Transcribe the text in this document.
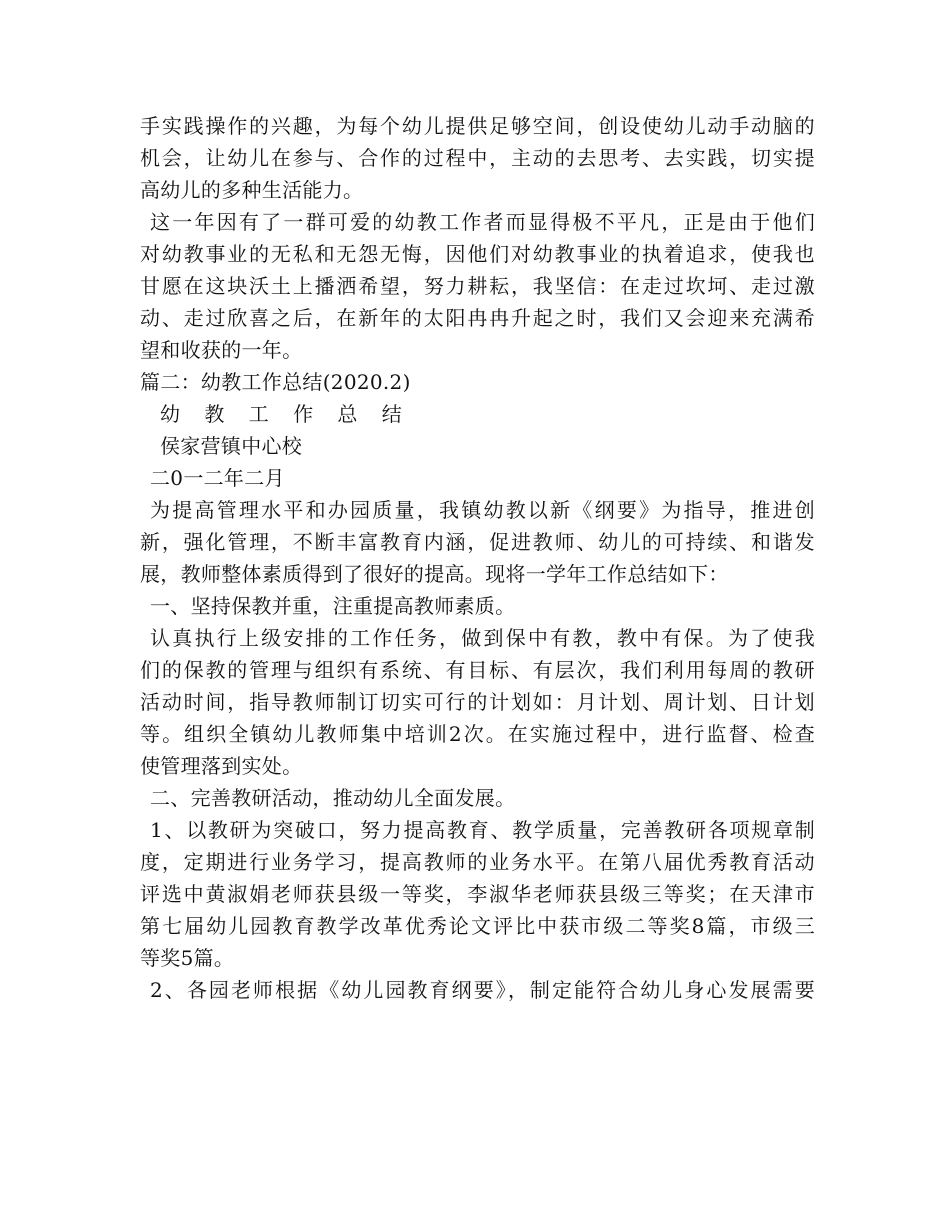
手实践操作的兴趣，为每个幼儿提供足够空间，创设使幼儿动手动脑的
机会，让幼儿在参与、合作的过程中，主动的去思考、去实践，切实提
高幼儿的多种生活能力。
这一年因有了一群可爱的幼教工作者而显得极不平凡，正是由于他们
对幼教事业的无私和无怨无悔，因他们对幼教事业的执着追求，使我也
甘愿在这块沃土上播洒希望，努力耕耘，我坚信：在走过坎坷、走过激
动、走过欣喜之后，在新年的太阳冉冉升起之时，我们又会迎来充满希
望和收获的一年。
篇二：幼教工作总结(2020.2)
幼 教 工 作 总 结
侯家营镇中心校
二0一二年二月
为提高管理水平和办园质量，我镇幼教以新《纲要》为指导，推进创
新，强化管理，不断丰富教育内涵，促进教师、幼儿的可持续、和谐发
展，教师整体素质得到了很好的提高。现将一学年工作总结如下：
一、坚持保教并重，注重提高教师素质。
认真执行上级安排的工作任务，做到保中有教，教中有保。为了使我
们的保教的管理与组织有系统、有目标、有层次，我们利用每周的教研
活动时间，指导教师制订切实可行的计划如：月计划、周计划、日计划
等。组织全镇幼儿教师集中培训2次。在实施过程中，进行监督、检查
使管理落到实处。
二、完善教研活动，推动幼儿全面发展。
1、以教研为突破口，努力提高教育、教学质量，完善教研各项规章制
度，定期进行业务学习，提高教师的业务水平。在第八届优秀教育活动
评选中黄淑娟老师获县级一等奖，李淑华老师获县级三等奖；在天津市
第七届幼儿园教育教学改革优秀论文评比中获市级二等奖8篇，市级三
等奖5篇。
2、各园老师根据《幼儿园教育纲要》，制定能符合幼儿身心发展需要
